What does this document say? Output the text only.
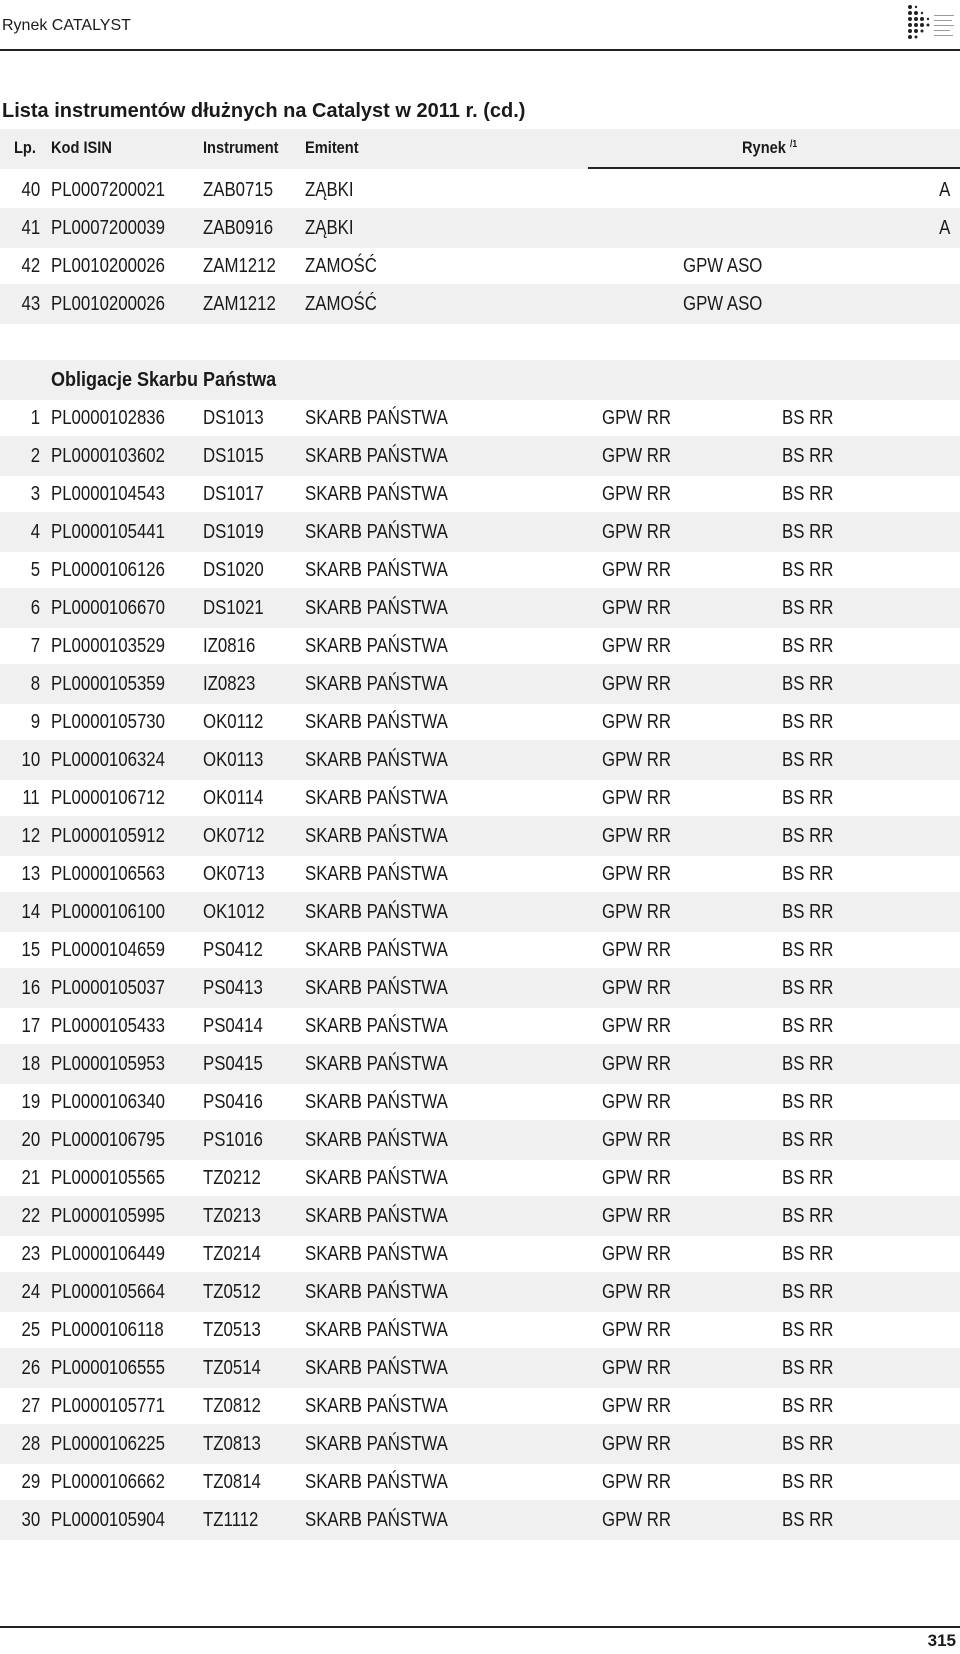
Rynek CATALYST
Lista instrumentów dłużnych na Catalyst w 2011 r. (cd.)
Lp. Kod ISIN	Instrument Emitent	Rynek $^{/1}$
40 PL0007200021 ZAB0715 ZĄBKI	A
41 PL0007200039 ZAB0916 ZĄBKI	A
42 PL0010200026 ZAM1212 ZAMOŚĆ	GPW ASO
43 PL0010200026 ZAM1212 ZAMOŚĆ	GPW ASO
Obligacje Skarbu Państwa
1 PL0000102836 DS1013 SKARB PAŃSTWA	GPW RR	BS RR
2 PL0000103602 DS1015 SKARB PAŃSTWA	GPW RR	BS RR
3 PL0000104543 DS1017 SKARB PAŃSTWA	GPW RR	BS RR
4 PL0000105441 DS1019 SKARB PAŃSTWA	GPW RR	BS RR
5 PL0000106126 DS1020 SKARB PAŃSTWA	GPW RR	BS RR
6 PL0000106670 DS1021 SKARB PAŃSTWA	GPW RR	BS RR
7 PL0000103529 IZ0816 SKARB PAŃSTWA	GPW RR	BS RR
8 PL0000105359 IZ0823 SKARB PAŃSTWA	GPW RR	BS RR
9 PL0000105730 OK0112 SKARB PAŃSTWA	GPW RR	BS RR
10 PL0000106324 OK0113 SKARB PAŃSTWA	GPW RR	BS RR
11 PL0000106712 OK0114 SKARB PAŃSTWA	GPW RR	BS RR
12 PL0000105912 OK0712 SKARB PAŃSTWA	GPW RR	BS RR
13 PL0000106563 OK0713 SKARB PAŃSTWA	GPW RR	BS RR
14 PL0000106100 OK1012 SKARB PAŃSTWA	GPW RR	BS RR
15 PL0000104659 PS0412 SKARB PAŃSTWA	GPW RR	BS RR
16 PL0000105037 PS0413 SKARB PAŃSTWA	GPW RR	BS RR
17 PL0000105433 PS0414 SKARB PAŃSTWA	GPW RR	BS RR
18 PL0000105953 PS0415 SKARB PAŃSTWA	GPW RR	BS RR
19 PL0000106340 PS0416 SKARB PAŃSTWA	GPW RR	BS RR
20 PL0000106795 PS1016 SKARB PAŃSTWA	GPW RR	BS RR
21 PL0000105565 TZ0212 SKARB PAŃSTWA	GPW RR	BS RR
22 PL0000105995 TZ0213 SKARB PAŃSTWA	GPW RR	BS RR
23 PL0000106449 TZ0214 SKARB PAŃSTWA	GPW RR	BS RR
24 PL0000105664 TZ0512 SKARB PAŃSTWA	GPW RR	BS RR
25 PL0000106118 TZ0513 SKARB PAŃSTWA	GPW RR	BS RR
26 PL0000106555 TZ0514 SKARB PAŃSTWA	GPW RR	BS RR
27 PL0000105771 TZ0812 SKARB PAŃSTWA	GPW RR	BS RR
28 PL0000106225 TZ0813 SKARB PAŃSTWA	GPW RR	BS RR
29 PL0000106662 TZ0814 SKARB PAŃSTWA	GPW RR	BS RR
30 PL0000105904 TZ1112 SKARB PAŃSTWA	GPW RR	BS RR
315
